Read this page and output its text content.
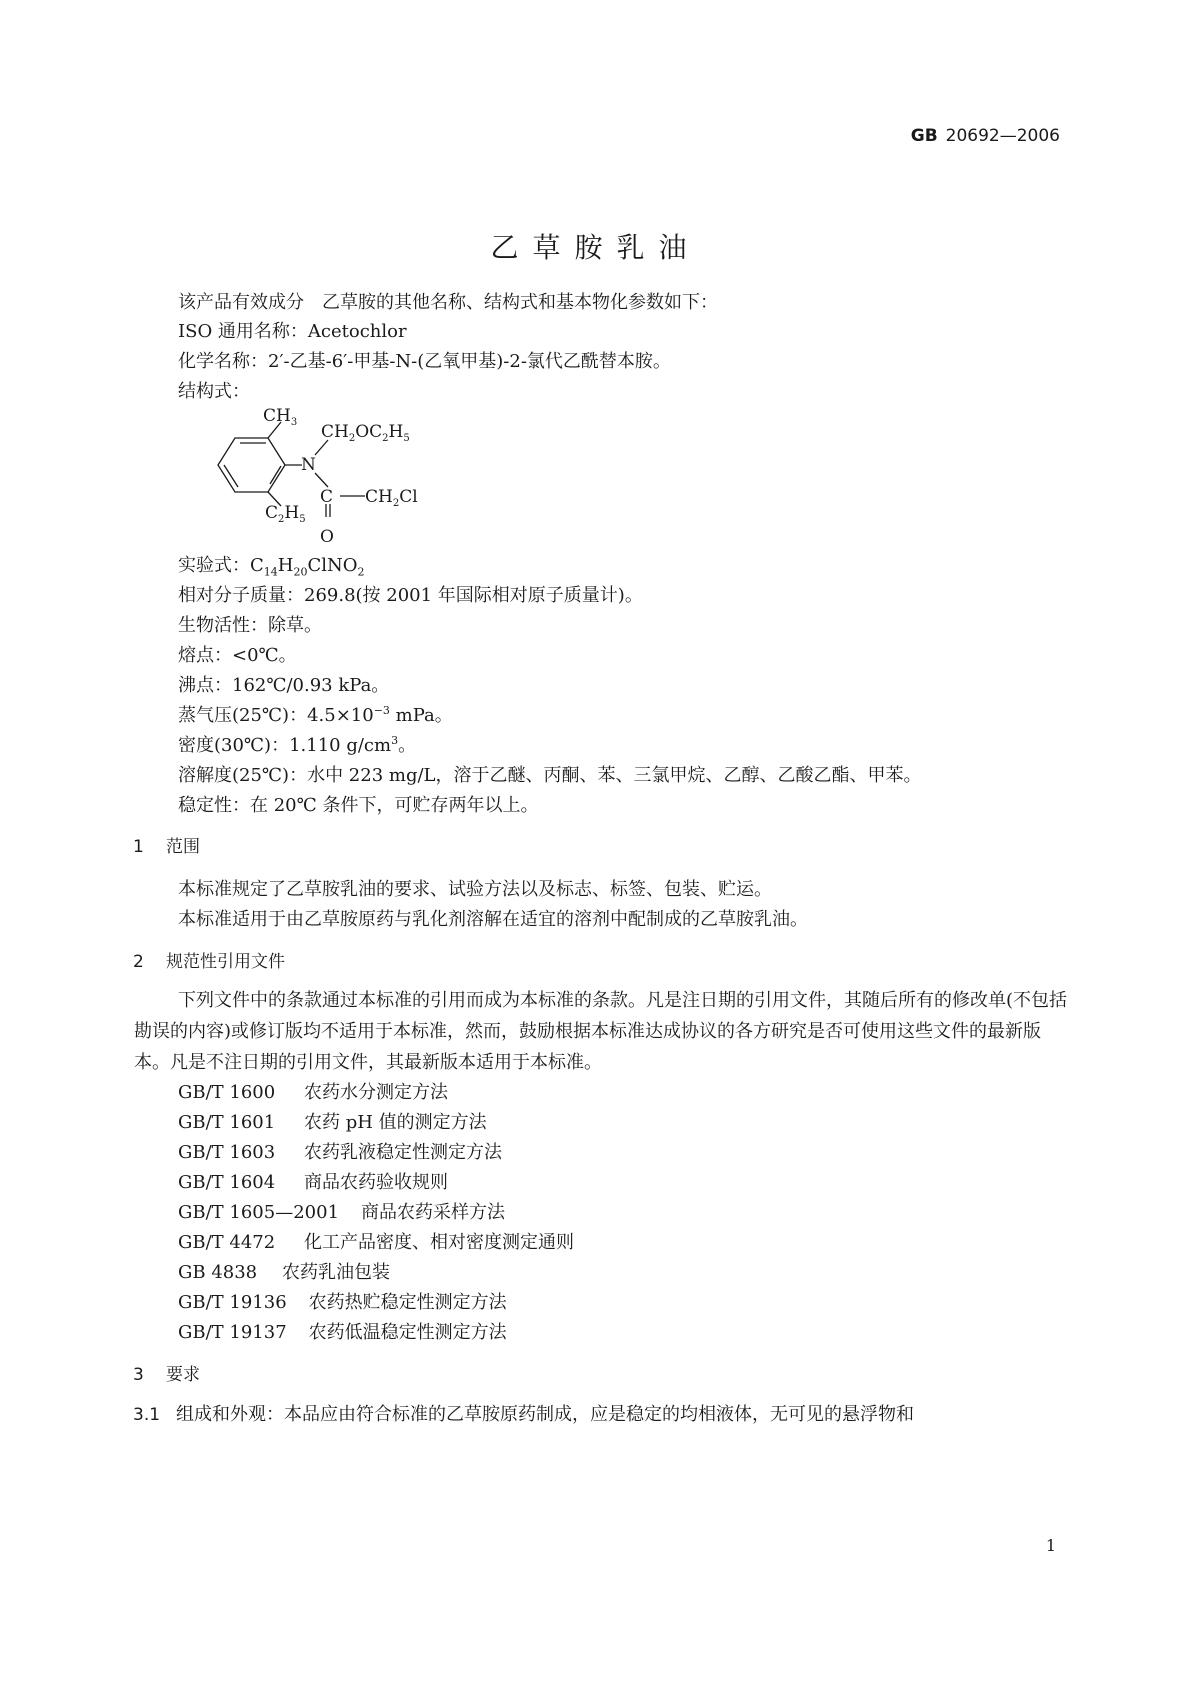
GB 20692—2006
乙草胺乳油
该产品有效成分　乙草胺的其他名称、结构式和基本物化参数如下：
ISO 通用名称：Acetochlor
化学名称：2′-乙基-6′-甲基-N-(乙氧甲基)-2-氯代乙酰替本胺。
结构式：
$CH_3$ $CH_2OC_2H_5$
N
C $CH_2Cl$
$C_2H_5$
O
实验式：$C_{14}H_{20}ClNO_2$
相对分子质量：269.8(按 2001 年国际相对原子质量计)。
生物活性：除草。
熔点：<0℃。
沸点：162℃/0.93 kPa。
蒸气压(25℃)：$4.5\times 10^{-3}$ mPa。
密度(30℃)：1.110 $g/cm^3$。
溶解度(25℃)：水中 223 mg/L，溶于乙醚、丙酮、苯、三氯甲烷、乙醇、乙酸乙酯、甲苯。
稳定性：在 20℃ 条件下，可贮存两年以上。
1 范围
本标准规定了乙草胺乳油的要求、试验方法以及标志、标签、包装、贮运。
本标准适用于由乙草胺原药与乳化剂溶解在适宜的溶剂中配制成的乙草胺乳油。
2 规范性引用文件
下列文件中的条款通过本标准的引用而成为本标准的条款。凡是注日期的引用文件，其随后所有的修改单(不包括勘误的内容)或修订版均不适用于本标准，然而，鼓励根据本标准达成协议的各方研究是否可使用这些文件的最新版本。凡是不注日期的引用文件，其最新版本适用于本标准。
GB/T 1600 农药水分测定方法
GB/T 1601 农药 pH 值的测定方法
GB/T 1603 农药乳液稳定性测定方法
GB/T 1604 商品农药验收规则
GB/T 1605—2001 商品农药采样方法
GB/T 4472 化工产品密度、相对密度测定通则
GB 4838 农药乳油包装
GB/T 19136 农药热贮稳定性测定方法
GB/T 19137 农药低温稳定性测定方法
3 要求
3.1 组成和外观：本品应由符合标准的乙草胺原药制成，应是稳定的均相液体，无可见的悬浮物和
1
